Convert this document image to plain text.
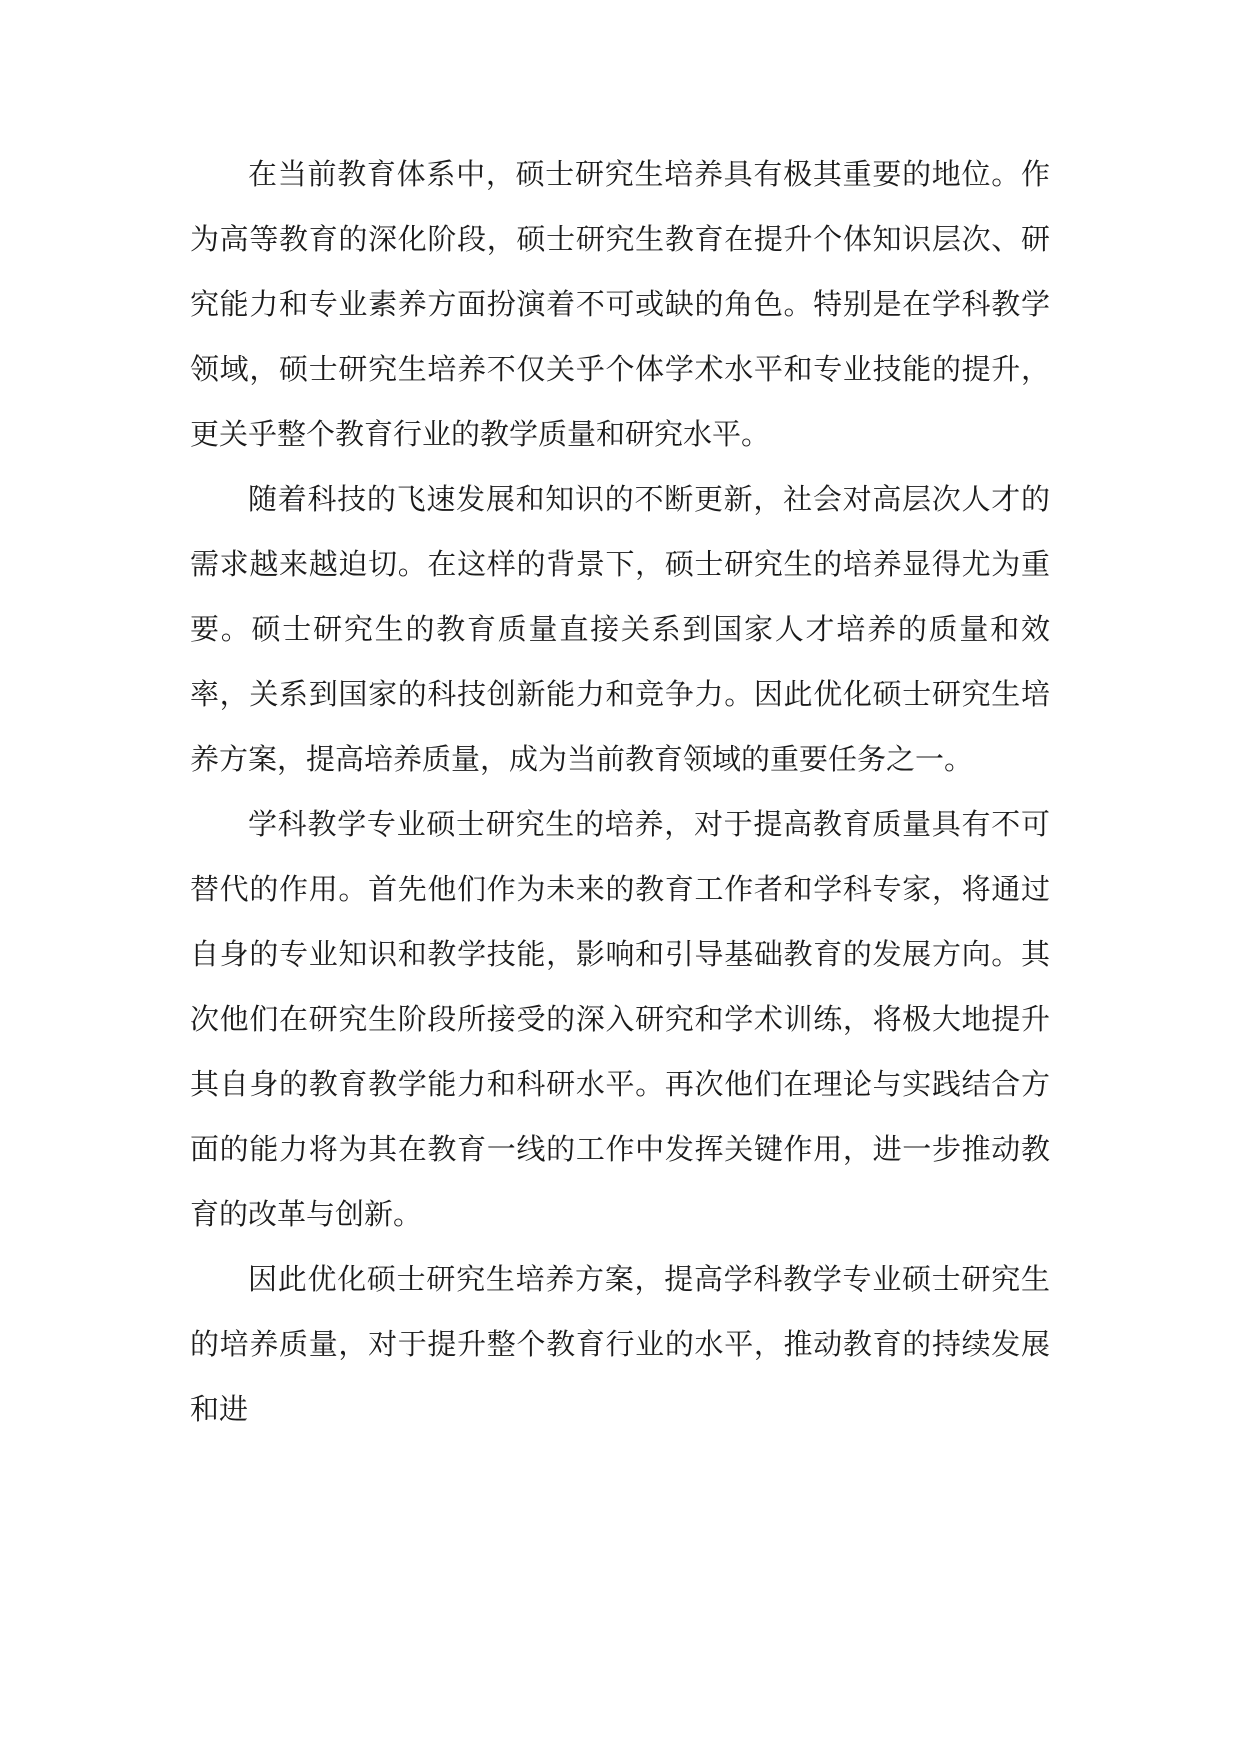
在当前教育体系中，硕士研究生培养具有极其重要的地位。作为高等教育的深化阶段，硕士研究生教育在提升个体知识层次、研究能力和专业素养方面扮演着不可或缺的角色。特别是在学科教学领域，硕士研究生培养不仅关乎个体学术水平和专业技能的提升，更关乎整个教育行业的教学质量和研究水平。

随着科技的飞速发展和知识的不断更新，社会对高层次人才的需求越来越迫切。在这样的背景下，硕士研究生的培养显得尤为重要。硕士研究生的教育质量直接关系到国家人才培养的质量和效率，关系到国家的科技创新能力和竞争力。因此优化硕士研究生培养方案，提高培养质量，成为当前教育领域的重要任务之一。

学科教学专业硕士研究生的培养，对于提高教育质量具有不可替代的作用。首先他们作为未来的教育工作者和学科专家，将通过自身的专业知识和教学技能，影响和引导基础教育的发展方向。其次他们在研究生阶段所接受的深入研究和学术训练，将极大地提升其自身的教育教学能力和科研水平。再次他们在理论与实践结合方面的能力将为其在教育一线的工作中发挥关键作用，进一步推动教育的改革与创新。

因此优化硕士研究生培养方案，提高学科教学专业硕士研究生的培养质量，对于提升整个教育行业的水平，推动教育的持续发展和进
